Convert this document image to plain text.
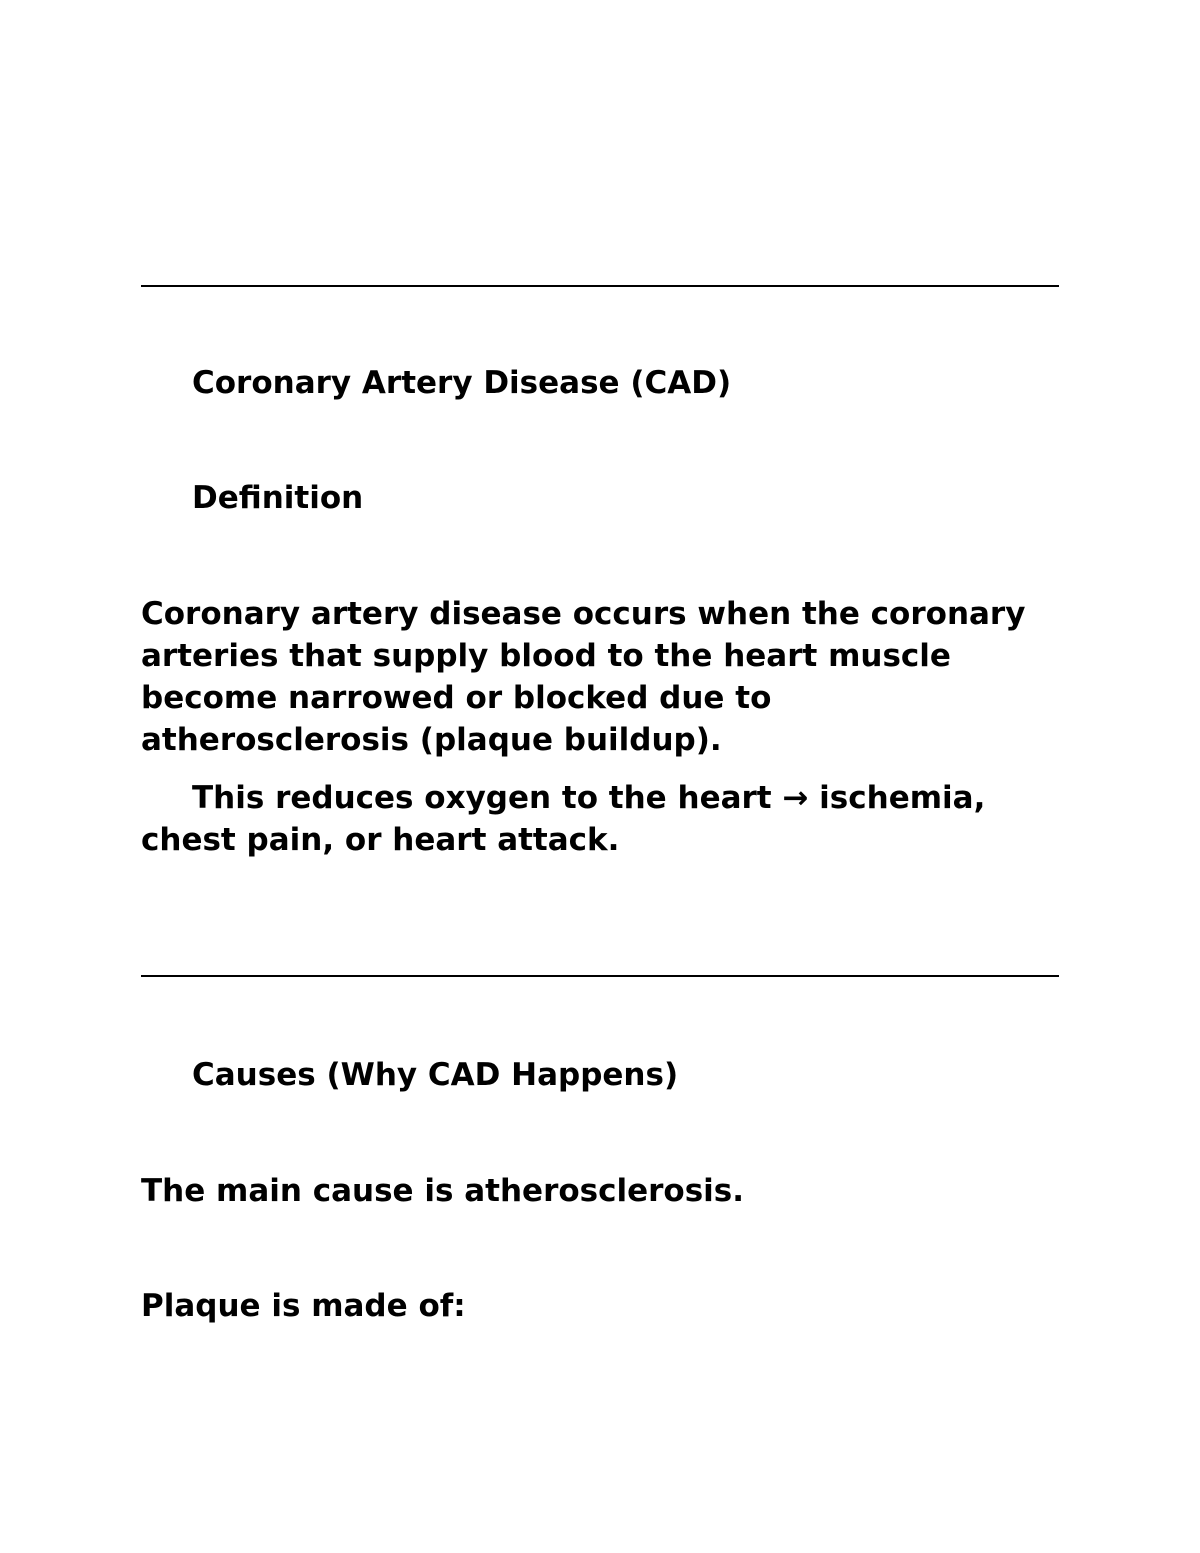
Coronary Artery Disease (CAD)
Definition
Coronary artery disease occurs when the coronary arteries that supply blood to the heart muscle become narrowed or blocked due to atherosclerosis (plaque buildup).
This reduces oxygen to the heart → ischemia, chest pain, or heart attack.
Causes (Why CAD Happens)
The main cause is atherosclerosis.
Plaque is made of:
